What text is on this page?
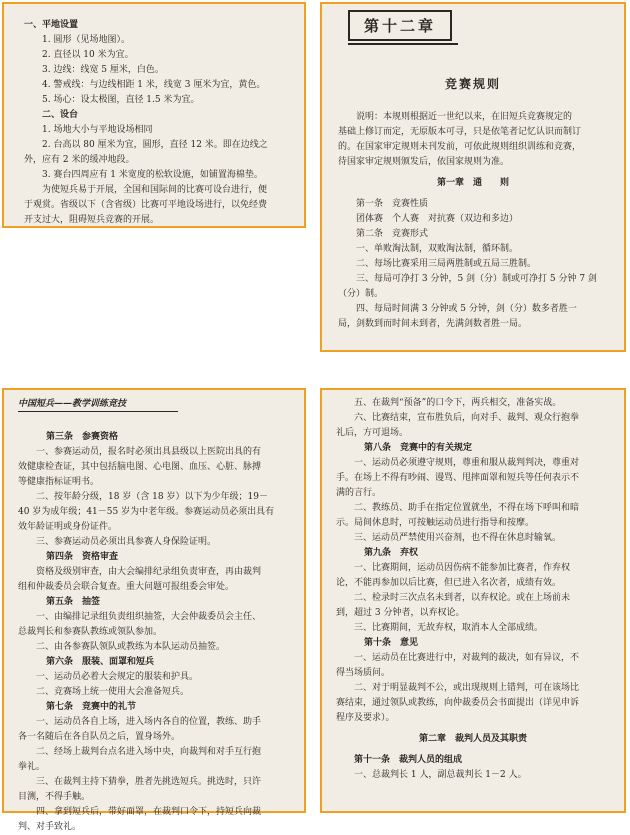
一、平地设置
1. 圆形（见场地图）。
2. 直径以 10 米为宜。
3. 边线：线宽 5 厘米，白色。
4. 警戒线：与边线相距 1 米，线宽 3 厘米为宜，黄色。
5. 场心：设太极图，直径 1.5 米为宜。
二、设台
1. 场地大小与平地设场相同
2. 台高以 80 厘米为宜，圆形，直径 12 米。即在边线之
外，应有 2 米的缓冲地段。
3. 赛台四周应有 1 米宽度的松软设施，如铺置海棉垫。
为使短兵易于开展，全国和国际间的比赛可设台进行，便
于观赏。省级以下（含省级）比赛可平地设场进行，以免经费
开支过大，阻碍短兵竞赛的开展。
第十二章
竞赛规则
说明：本规则根据近一世纪以来，在旧短兵竞赛规定的
基础上修订而定，无原版本可寻，只是依笔者记忆认识而制订
的。在国家审定规则未刊发前，可依此规则组织训练和竞赛，
待国家审定规则颁发后，依国家规则为准。
第一章　通　　则
第一条　竞赛性质
团体赛　个人赛　对抗赛（双边和多边）
第二条　竞赛形式
一、单败淘汰制，双败淘汰制，循环制。
二、每场比赛采用三局两胜制或五局三胜制。
三、每局可净打 3 分钟，5 剑（分）制或可净打 5 分钟 7 剑
（分）制。
四、每局时间满 3 分钟或 5 分钟，剑（分）数多者胜一
局，剑数到而时间未到者，先满剑数者胜一局。
中国短兵——教学训练竞技
第三条　参赛资格
一、参赛运动员，报名时必须出具县级以上医院出具的有
效健康检查证，其中包括脑电图、心电图、血压、心脏、脉搏
等健康指标证明书。
二、按年龄分级，18 岁（含 18 岁）以下为少年级；19－
40 岁为成年级；41－55 岁为中老年级。参赛运动员必须出具有
效年龄证明或身份证件。
三、参赛运动员必须出具参赛人身保险证明。
第四条　资格审查
资格及级别审查，由大会编排纪录组负责审查，再由裁判
组和仲裁委员会联合复查。重大问题可报组委会审处。
第五条　抽签
一、由编排记录组负责组织抽签，大会仲裁委员会主任、
总裁判长和参赛队教练或领队参加。
二、由各参赛队领队或教练为本队运动员抽签。
第六条　服装、面罩和短兵
一、运动员必着大会规定的服装和护具。
二、竞赛场上统一使用大会准备短兵。
第七条　竞赛中的礼节
一、运动员各自上场，进入场内各自的位置，教练、助手
各一名随后在各自队员之后，置身场外。
二、经场上裁判台点名进入场中央，向裁判和对手互行抱
拳礼。
三、在裁判主持下猜拳，胜者先挑选短兵。挑选时，只许
目测，不得手触。
四、拿到短兵后，带好面罩，在裁判口令下，持短兵向裁
判、对手致礼。
五、在裁判“预备”的口令下，两兵相交，准备实战。
六、比赛结束，宣布胜负后，向对手、裁判、观众行抱拳
礼后，方可退场。
第八条　竞赛中的有关规定
一、运动员必须遵守规则，尊重和服从裁判判决，尊重对
手。在场上不得有吵闹、谩骂、甩摔面罩和短兵等任何表示不
满的言行。
二、教练员、助手在指定位置就坐，不得在场下呼叫和暗
示。局间休息时，可按触运动员进行指导和按摩。
三、运动员严禁使用兴奋剂，也不得在休息时输氧。
第九条　弃权
一、比赛期间，运动员因伤病不能参加比赛者，作弃权
论，不能再参加以后比赛，但已进入名次者，成绩有效。
二、检录时三次点名未到者，以弃权论。或在上场前未
到，超过 3 分钟者，以弃权论。
三、比赛期间，无故弃权，取消本人全部成绩。
第十条　意见
一、运动员在比赛进行中，对裁判的裁决，如有异议，不
得当场质问。
二、对于明显裁判不公，或出现规则上错判，可在该场比
赛结束，通过领队或教练，向仲裁委员会书面提出（详见申诉
程序及要求）。
第二章　裁判人员及其职责
第十一条　裁判人员的组成
一、总裁判长 1 人，副总裁判长 1－2 人。
